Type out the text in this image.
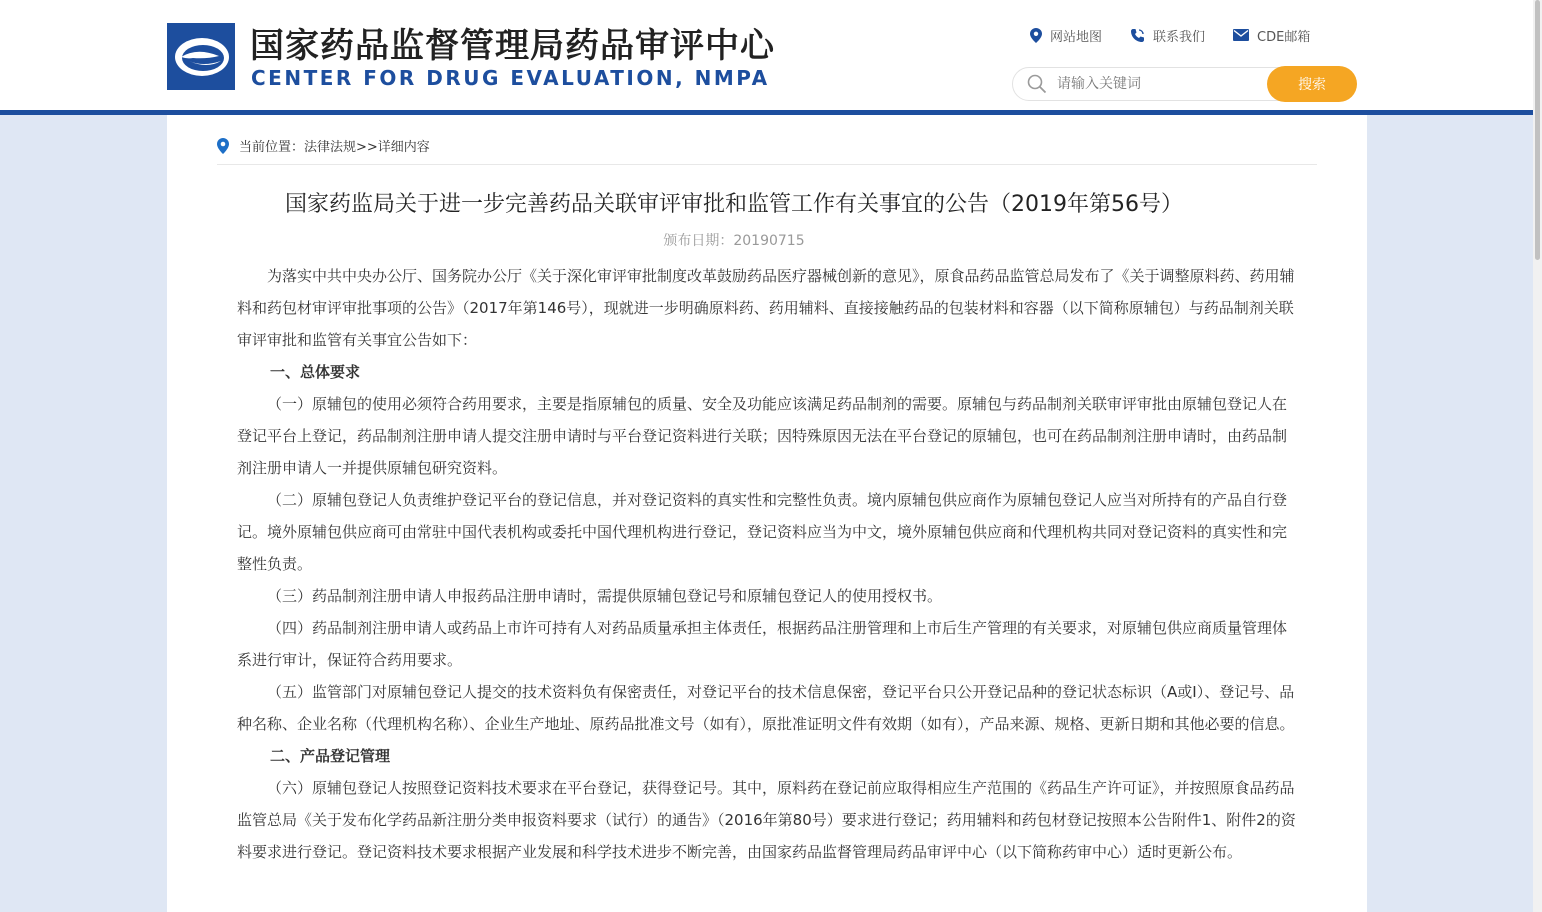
国家药品监督管理局药品审评中心
CENTER FOR DRUG EVALUATION, NMPA
网站地图	联系我们	CDE邮箱
请输入关键词
搜索
当前位置：法律法规>>详细内容
国家药监局关于进一步完善药品关联审评审批和监管工作有关事宜的公告（2019年第56号）
颁布日期：20190715

为落实中共中央办公厅、国务院办公厅《关于深化审评审批制度改革鼓励药品医疗器械创新的意见》，原食品药品监管总局发布了《关于调整原料药、药用辅料和药包材审评审批事项的公告》（2017年第146号），现就进一步明确原料药、药用辅料、直接接触药品的包装材料和容器（以下简称原辅包）与药品制剂关联审评审批和监管有关事宜公告如下：

一、总体要求

（一）原辅包的使用必须符合药用要求，主要是指原辅包的质量、安全及功能应该满足药品制剂的需要。原辅包与药品制剂关联审评审批由原辅包登记人在登记平台上登记，药品制剂注册申请人提交注册申请时与平台登记资料进行关联；因特殊原因无法在平台登记的原辅包，也可在药品制剂注册申请时，由药品制剂注册申请人一并提供原辅包研究资料。

（二）原辅包登记人负责维护登记平台的登记信息，并对登记资料的真实性和完整性负责。境内原辅包供应商作为原辅包登记人应当对所持有的产品自行登记。境外原辅包供应商可由常驻中国代表机构或委托中国代理机构进行登记，登记资料应当为中文，境外原辅包供应商和代理机构共同对登记资料的真实性和完整性负责。

（三）药品制剂注册申请人申报药品注册申请时，需提供原辅包登记号和原辅包登记人的使用授权书。

（四）药品制剂注册申请人或药品上市许可持有人对药品质量承担主体责任，根据药品注册管理和上市后生产管理的有关要求，对原辅包供应商质量管理体系进行审计，保证符合药用要求。

（五）监管部门对原辅包登记人提交的技术资料负有保密责任，对登记平台的技术信息保密，登记平台只公开登记品种的登记状态标识（A或I）、登记号、品种名称、企业名称（代理机构名称）、企业生产地址、原药品批准文号（如有），原批准证明文件有效期（如有），产品来源、规格、更新日期和其他必要的信息。

二、产品登记管理

（六）原辅包登记人按照登记资料技术要求在平台登记，获得登记号。其中，原料药在登记前应取得相应生产范围的《药品生产许可证》，并按照原食品药品监管总局《关于发布化学药品新注册分类申报资料要求（试行）的通告》（2016年第80号）要求进行登记；药用辅料和药包材登记按照本公告附件1、附件2的资料要求进行登记。登记资料技术要求根据产业发展和科学技术进步不断完善，由国家药品监督管理局药品审评中心（以下简称药审中心）适时更新公布。
